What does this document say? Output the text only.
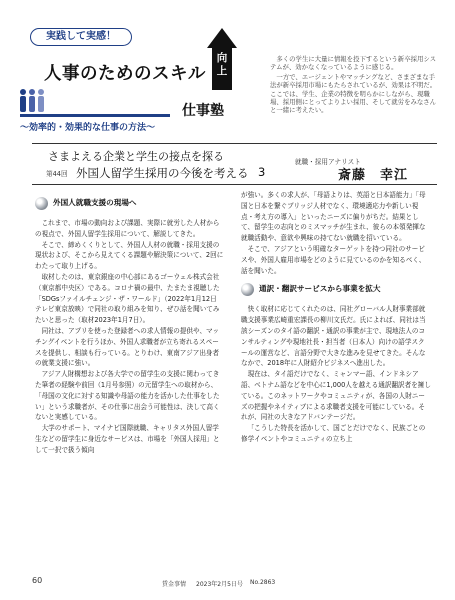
実践して実感！
人事のためのスキル
向上
仕事塾
〜効率的・効果的な仕事の方法〜

多くの学生に大量に情報を投下するという新卒採用システムが、効かなくなっているように感じる。

一方で、エージェントやマッチングなど、さまざまな手法が新卒採用市場にもたらされているが、効果は不明だ。ここでは、学生、企業の特徴を明らかにしながら、現職場、採用側にとってよりよい採用、そして就労をみなさんと一緒に考えたい。

さまよえる企業と学生の接点を探る
第44回 外国人留学生採用の今後を考える 3
就職・採用アナリスト
斎藤　幸江
外国人就職支援の現場へ

これまで、市場の動向および課題、実際に就労した人材からの視点で、外国人留学生採用について、解説してきた。

そこで、締めくくりとして、外国人人材の就職・採用支援の現状および、そこから見えてくる課題や解決策について、2回にわたって取り上げる。

取材したのは、東京銀座の中心部にあるゴーウェル株式会社（東京都中央区）である。コロナ禍の最中、たまたま視聴した「SDGsファイルチェンジ・ザ・ワールド」（2022年1月12日　テレビ東京放映）で同社の取り組みを知り、ぜひ話を聞いてみたいと思った（取材2023年1月7日）。

同社は、アプリを使った登録者への求人情報の提供や、マッチングイベントを行うほか、外国人求職者が立ち寄れるスペースを提供し、相談も行っている。とりわけ、東南アジア出身者の就業支援に強い。

アジア人財構想および各大学での留学生の支援に関わってきた筆者の経験や前回（1月号参照）の元留学生への取材から、「母国の文化に対する知識や母語の能力を活かした仕事をしたい」という求職者が、その仕事に出会う可能性は、決して高くないと実感している。

大学のサポート、マイナビ国際就職、キャリタス外国人留学生などの留学生に身近なサービスは、市場を「外国人採用」として一択で扱う傾向

が強い。多くの求人が、「母語よりは、英語と日本語能力」「母国と日本を繋ぐブリッジ人材でなく、環境適応力や新しい視点・考え方の導入」といったニーズに偏りがちだ。結果として、留学生の志向とのミスマッチが生まれ、彼らの本領発揮な就職活動や、意欲や興味の持てない就職を招いている。

そこで、アジアという明確なターゲットを持つ同社のサービスや、外国人雇用市場をどのように見ているのかを知るべく、話を聞いた。

通訳・翻訳サービスから事業を拡大

快く取材に応じてくれたのは、同社グローバル人財事業部就職支援事業広崎重宏課長の柳川文氏だ。氏によれば、同社は当該シーズンのタイ語の翻訳・通訳の事業が主で、現地法人のコンサルティングや現地社長・担当者（日本人）向けの語学スクールの運営など、言語分野で大きな進みを見せてきた。そんななかで、2018年に人財紹介ビジネスへ進出した。

現在は、タイ語だけでなく、ミャンマー語、インドネシア語、ベトナム語などを中心に1,000人を越える通訳翻訳者を擁している。このネットワークやコミュニティが、各国の人財ニーズの把握やネイティブによる求職者支援を可能にしている。それが、同社の大きなアドバンテージだ。

「こうした特長を活かして、国ごとだけでなく、民族ごとの修学イベントやコミュニティの立ち上

60	賃金事情 2023年2月5日号 No.2863
